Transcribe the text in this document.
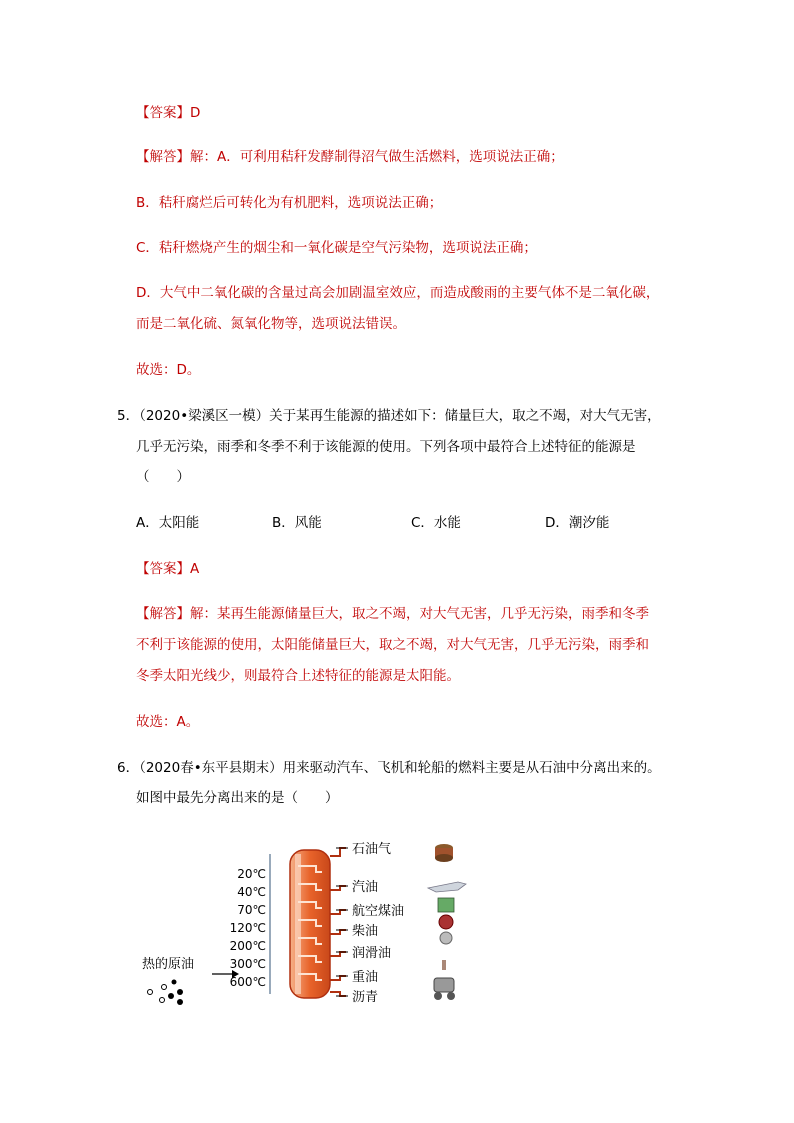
【答案】D
【解答】解：A．可利用秸秆发酵制得沼气做生活燃料，选项说法正确；
B．秸秆腐烂后可转化为有机肥料，选项说法正确；
C．秸秆燃烧产生的烟尘和一氧化碳是空气污染物，选项说法正确；
D．大气中二氧化碳的含量过高会加剧温室效应，而造成酸雨的主要气体不是二氧化碳，
而是二氧化硫、氮氧化物等，选项说法错误。
故选：D。
5．（2020•梁溪区一模）关于某再生能源的描述如下：储量巨大，取之不竭，对大气无害，
几乎无污染，雨季和冬季不利于该能源的使用。下列各项中最符合上述特征的能源是
（　　）
A．太阳能	B．风能	C．水能	D．潮汐能
【答案】A
【解答】解：某再生能源储量巨大，取之不竭，对大气无害，几乎无污染，雨季和冬季
不利于该能源的使用，太阳能储量巨大，取之不竭，对大气无害，几乎无污染，雨季和
冬季太阳光线少，则最符合上述特征的能源是太阳能。
故选：A。
6．（2020春•东平县期末）用来驱动汽车、飞机和轮船的燃料主要是从石油中分离出来的。
如图中最先分离出来的是（　　）
20℃
40℃
70℃
120℃
200℃
300℃
600℃
石油气
汽油
航空煤油
柴油
润滑油
重油
沥青
热的原油
